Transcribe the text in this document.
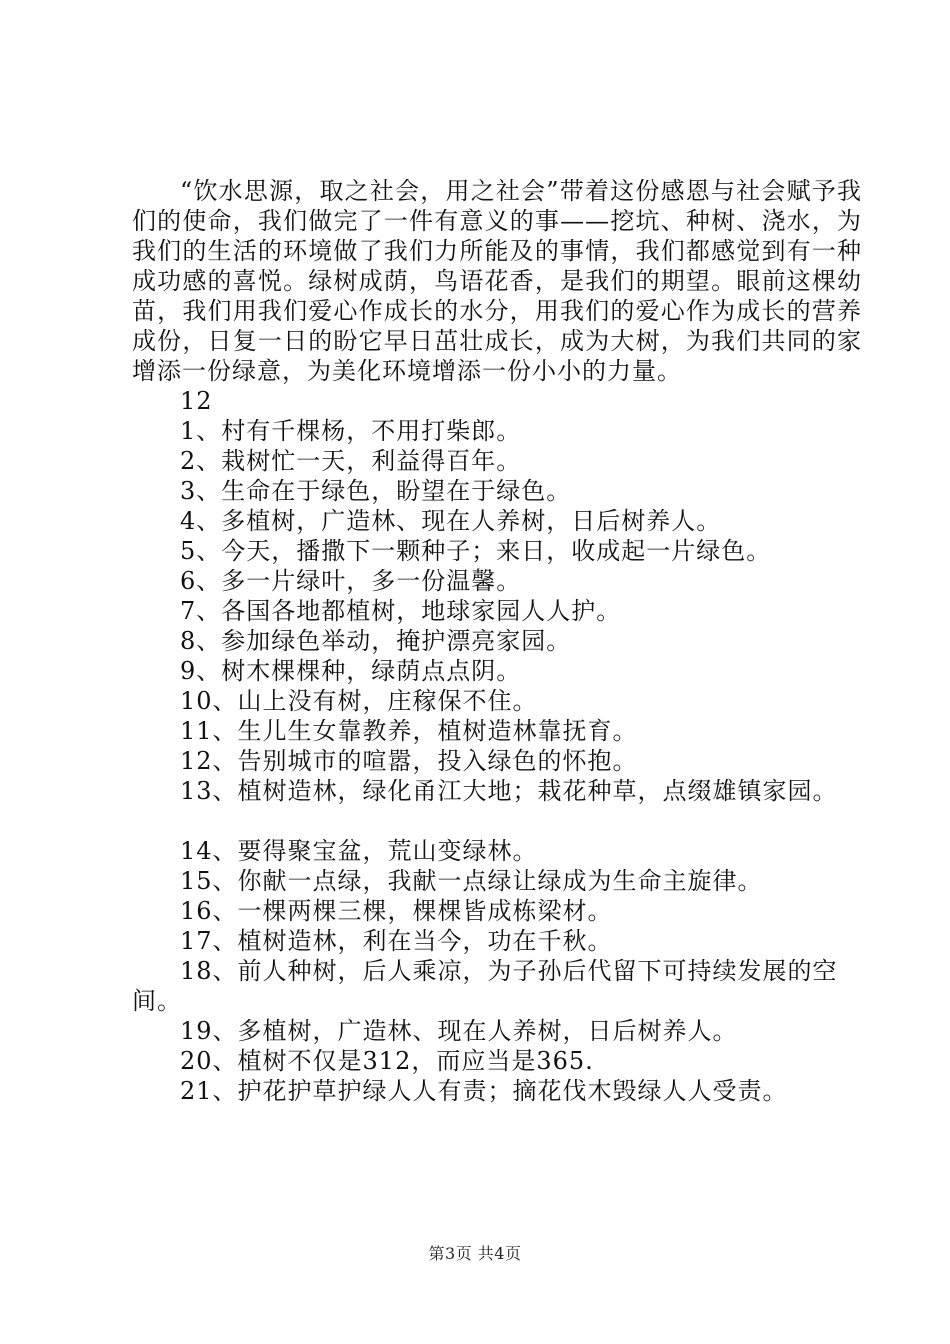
“饮水思源，取之社会，用之社会”带着这份感恩与社会赋予我们的使命，我们做完了一件有意义的事——挖坑、种树、浇水，为我们的生活的环境做了我们力所能及的事情，我们都感觉到有一种成功感的喜悦。绿树成荫，鸟语花香，是我们的期望。眼前这棵幼苗，我们用我们爱心作成长的水分，用我们的爱心作为成长的营养成份，日复一日的盼它早日茁壮成长，成为大树，为我们共同的家增添一份绿意，为美化环境增添一份小小的力量。

12
1、村有千棵杨，不用打柴郎。
2、栽树忙一天，利益得百年。
3、生命在于绿色，盼望在于绿色。
4、多植树，广造林、现在人养树，日后树养人。
5、今天，播撒下一颗种子；来日，收成起一片绿色。
6、多一片绿叶，多一份温馨。
7、各国各地都植树，地球家园人人护。
8、参加绿色举动，掩护漂亮家园。
9、树木棵棵种，绿荫点点阴。
10、山上没有树，庄稼保不住。
11、生儿生女靠教养，植树造林靠抚育。
12、告别城市的喧嚣，投入绿色的怀抱。
13、植树造林，绿化甬江大地；栽花种草，点缀雄镇家园。
14、要得聚宝盆，荒山变绿林。
15、你献一点绿，我献一点绿让绿成为生命主旋律。
16、一棵两棵三棵，棵棵皆成栋梁材。
17、植树造林，利在当今，功在千秋。
18、前人种树，后人乘凉，为子孙后代留下可持续发展的空间。
19、多植树，广造林、现在人养树，日后树养人。
20、植树不仅是312，而应当是365.
21、护花护草护绿人人有责；摘花伐木毁绿人人受责。
第3页 共4页
